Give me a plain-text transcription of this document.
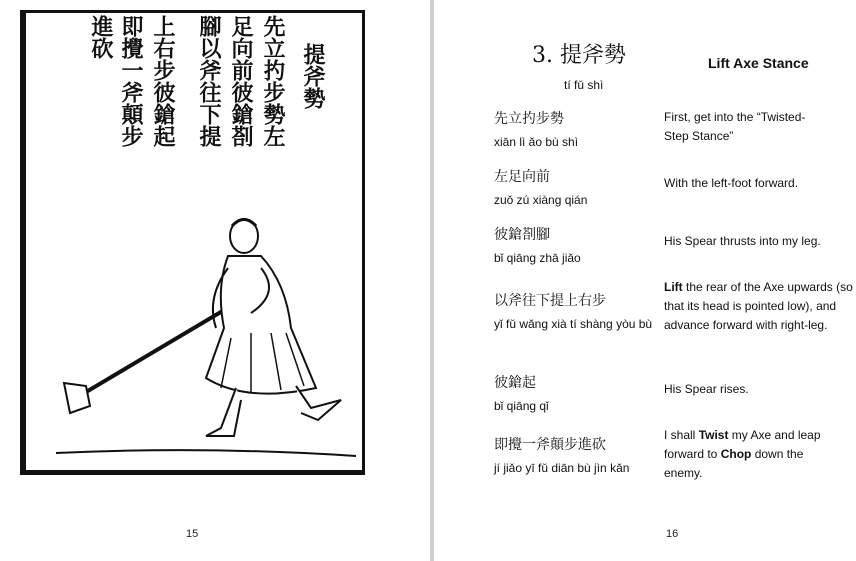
提斧勢
先立扚步勢左
足向前彼鎗剳
腳以斧往下提
上右步彼鎗起
即攪一斧顛步
進砍
15
3. 提斧勢
tí fǔ shì
Lift Axe Stance
先立扚步勢
xiān lì ǎo bù shì
First, get into the “Twisted-Step Stance”
左足向前
zuǒ zú xiàng qián
With the left-foot forward.
彼鎗剳腳
bǐ qiāng zhā jiǎo
His Spear thrusts into my leg.
以斧往下提上右步
yǐ fǔ wǎng xià tí shàng yòu bù
Lift the rear of the Axe upwards (so that its head is pointed low), and advance forward with right-leg.
彼鎗起
bǐ qiāng qǐ
His Spear rises.
即攪一斧顛步進砍
jí jiǎo yī fǔ diān bù jìn kǎn
I shall Twist my Axe and leap forward to Chop down the enemy.
16
